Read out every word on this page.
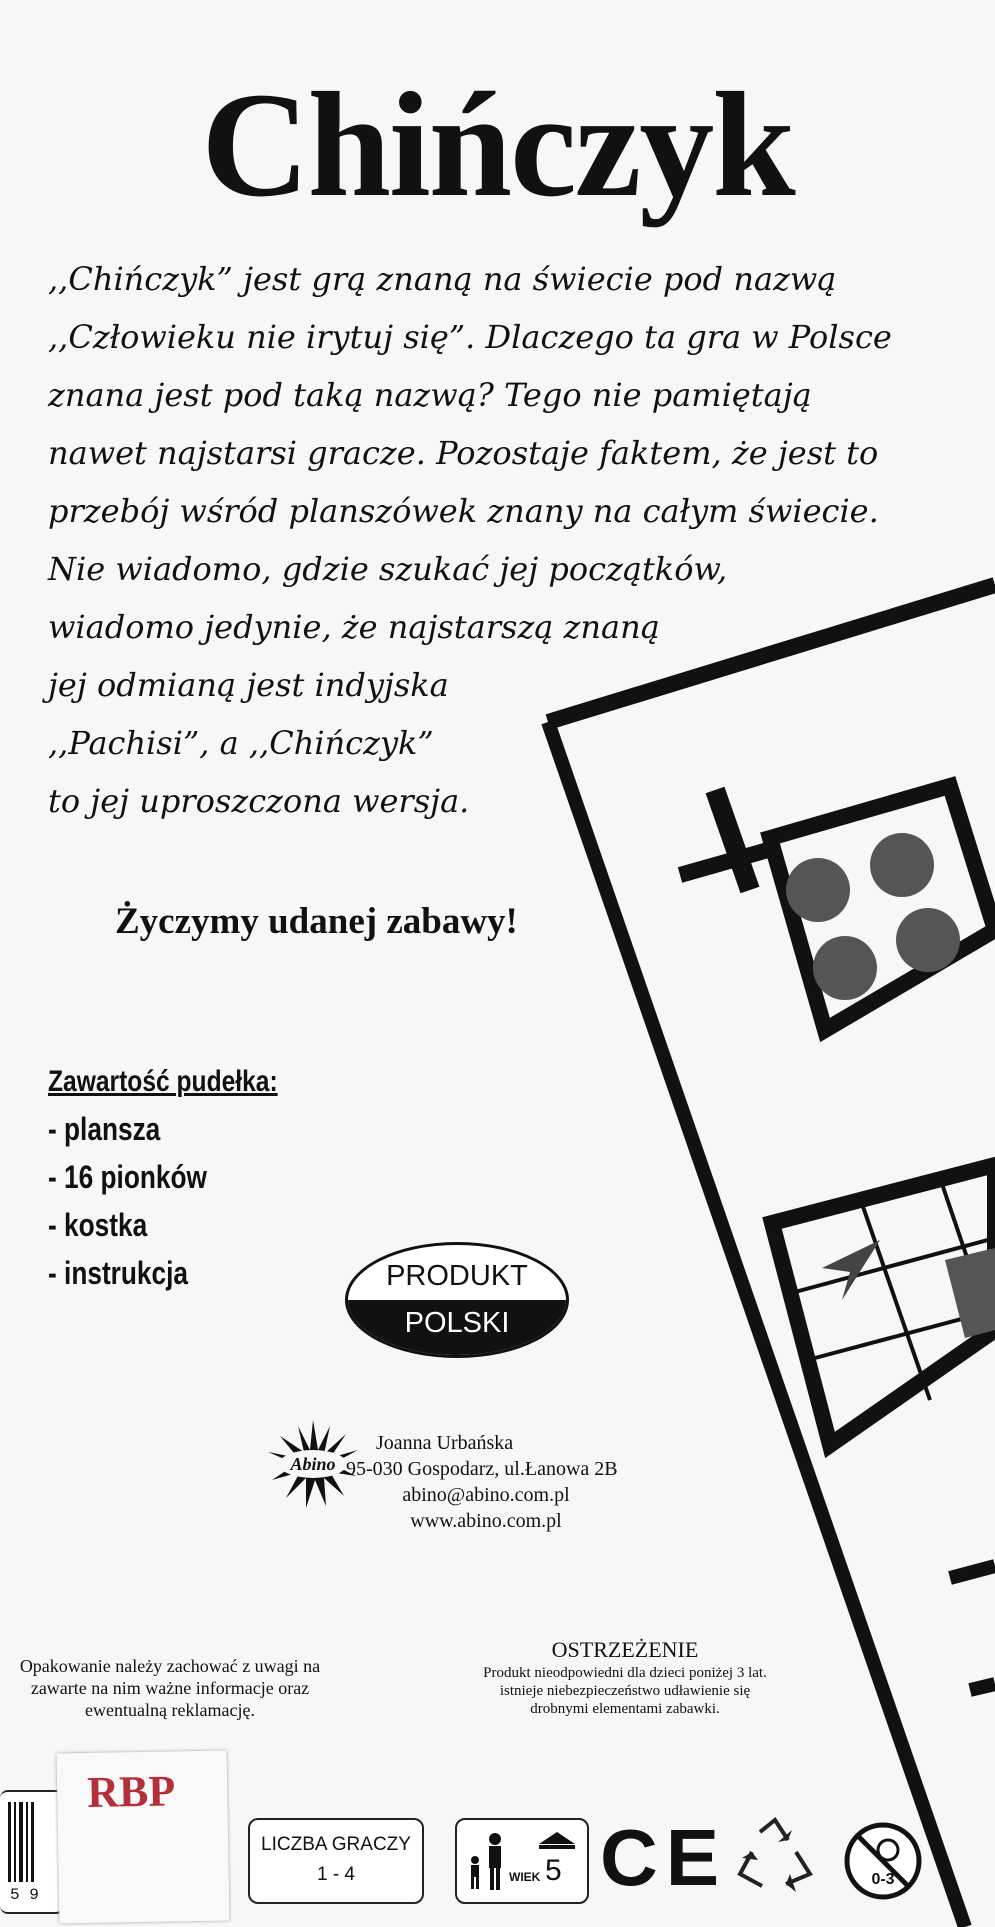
Chińczyk
,,Chińczyk” jest grą znaną na świecie pod nazwą
,,Człowieku nie irytuj się”. Dlaczego ta gra w Polsce
znana jest pod taką nazwą? Tego nie pamiętają
nawet najstarsi gracze. Pozostaje faktem, że jest to
przebój wśród planszówek znany na całym świecie.
Nie wiadomo, gdzie szukać jej początków,
wiadomo jedynie, że najstarszą znaną
jej odmianą jest indyjska
,,Pachisi”, a ,,Chińczyk”
to jej uproszczona wersja.
Życzymy udanej zabawy!
Zawartość pudełka:
- plansza
- 16 pionków
- kostka
- instrukcja	PRODUKT
POLSKI
Abino
Joanna Urbańska
95-030 Gospodarz, ul.Łanowa 2B
abino@abino.com.pl
www.abino.com.pl
Opakowanie należy zachować z uwagi na zawarte na nim ważne informacje oraz ewentualną reklamację.
OSTRZEŻENIE
Produkt nieodpowiedni dla dzieci poniżej 3 lat.
istnieje niebezpieczeństwo udławienie się
drobnymi elementami zabawki.
5 9
RBP
LICZBA GRACZY
1 - 4	WIEK 5 CE	0-3
